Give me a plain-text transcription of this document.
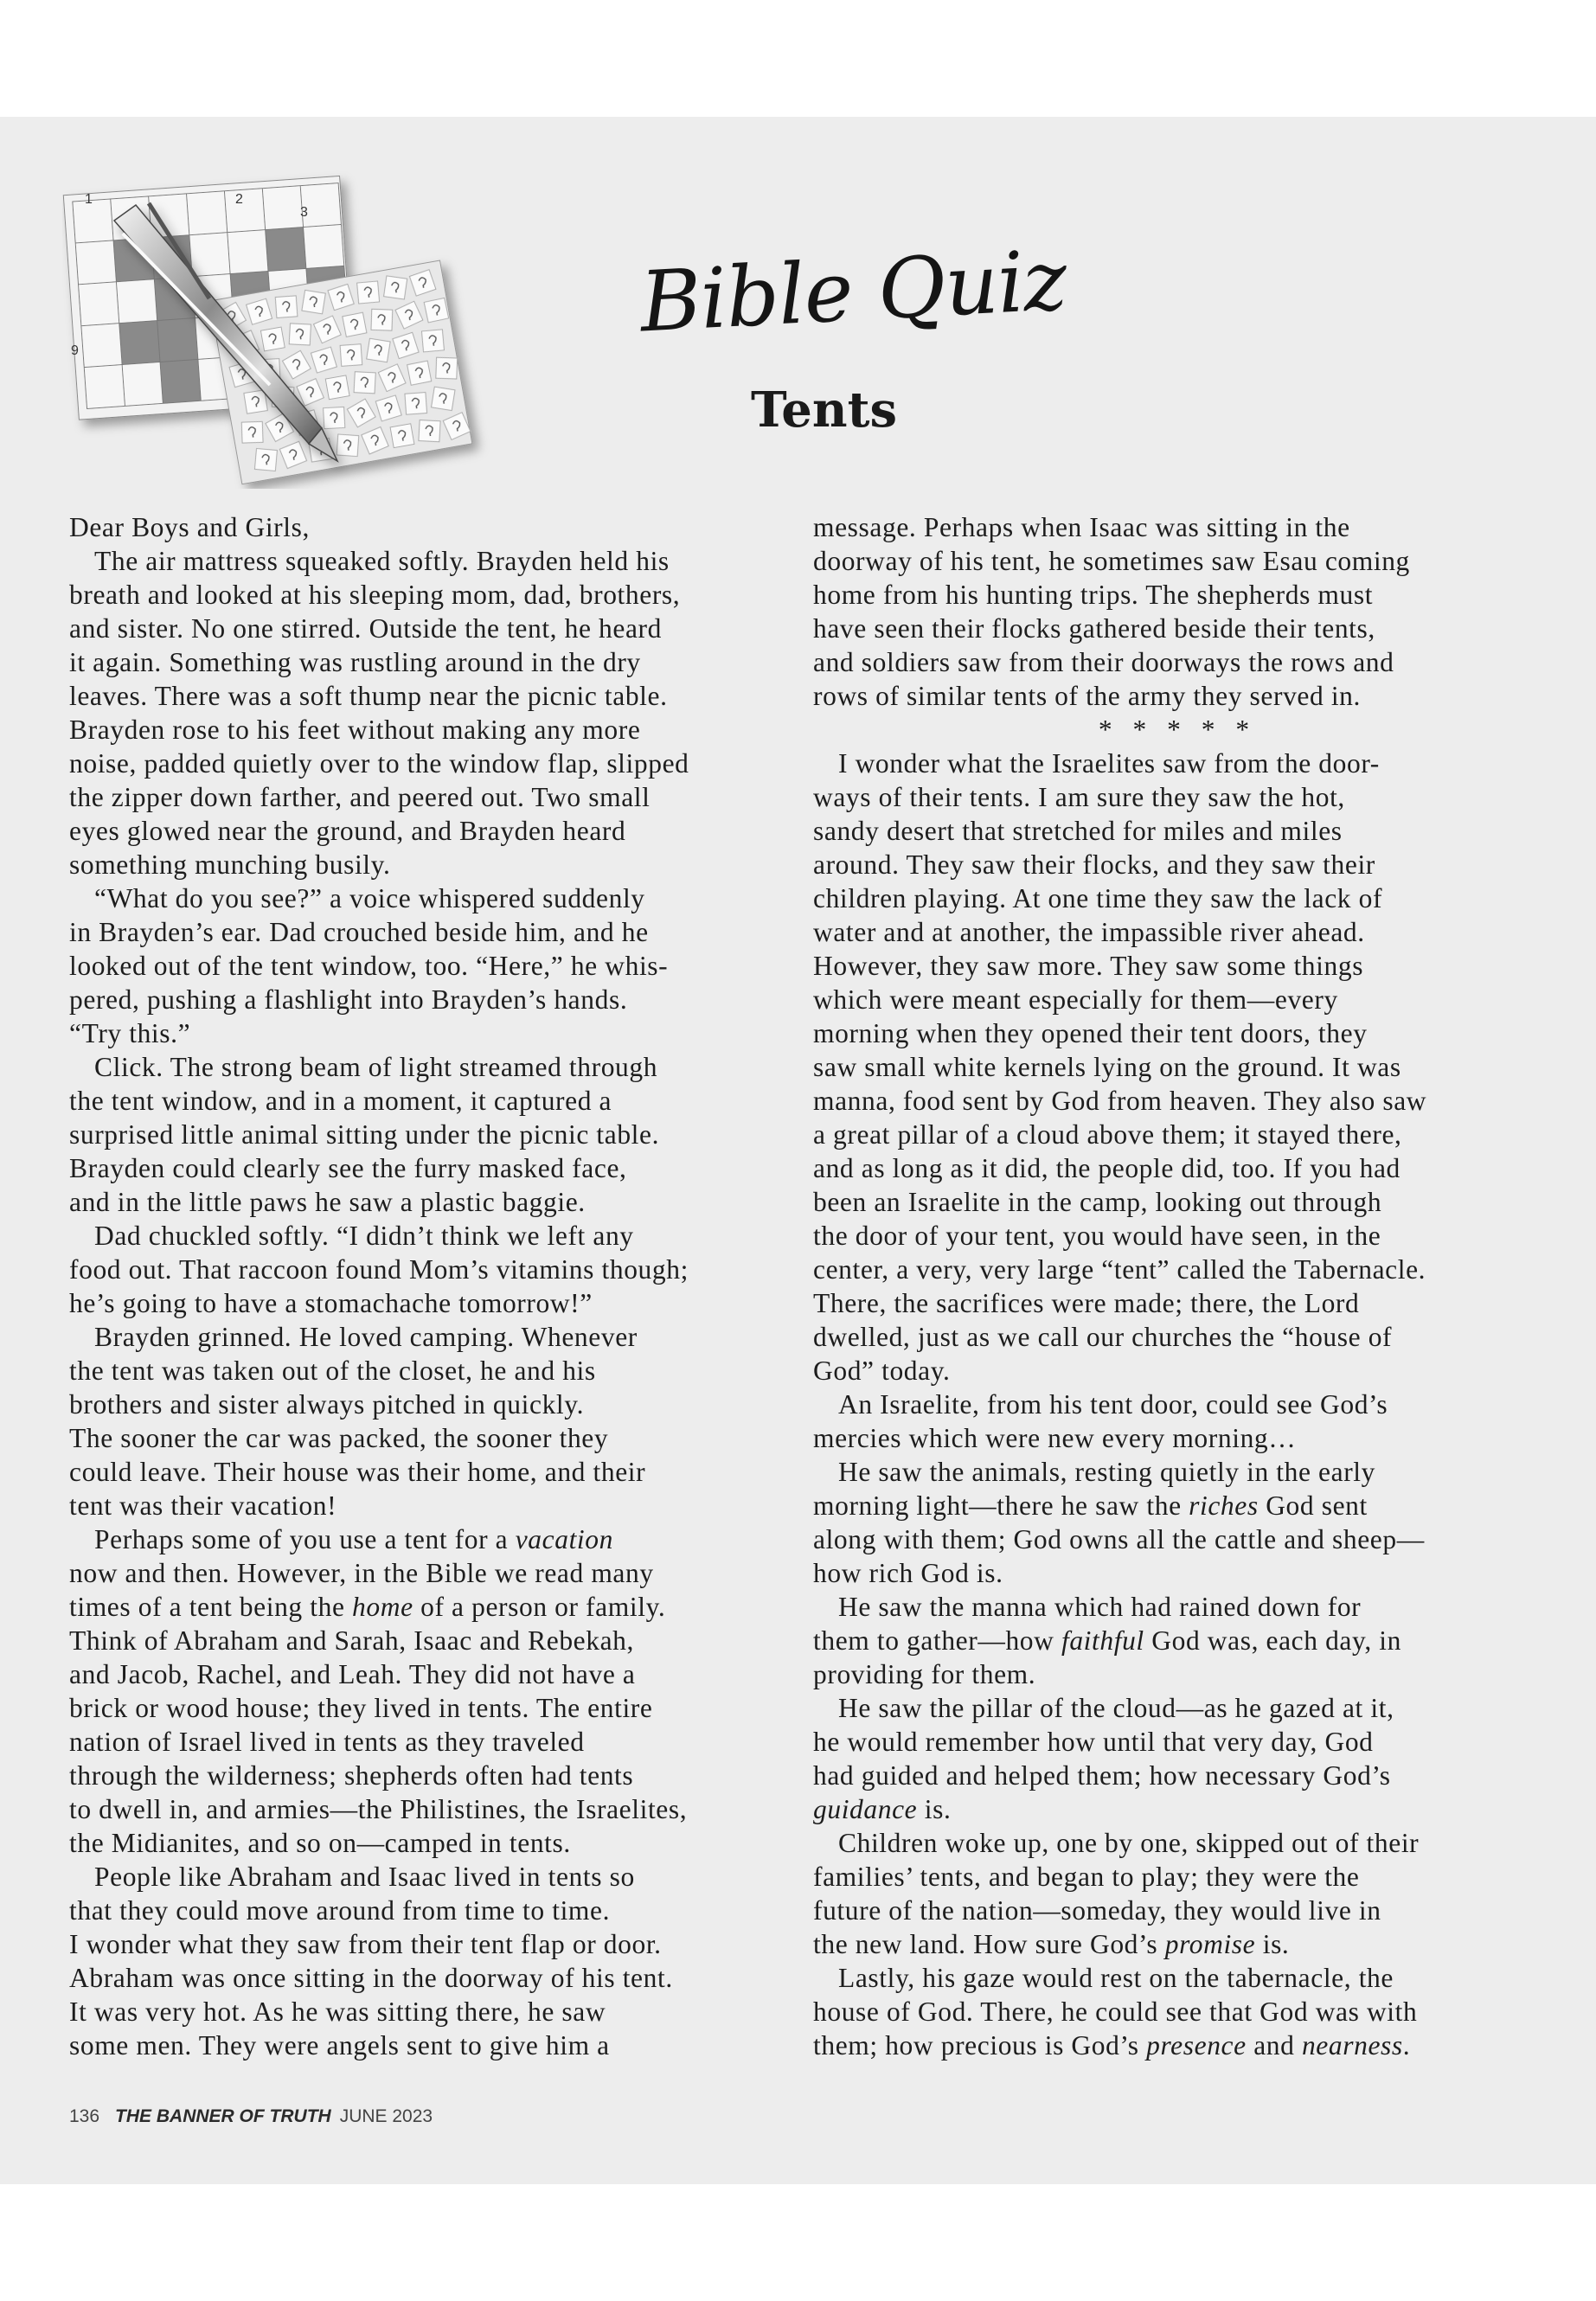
1	2
3
9
Bible Quiz
Tents
Dear Boys and Girls,
The air mattress squeaked softly. Brayden held his
breath and looked at his sleeping mom, dad, brothers,
and sister. No one stirred. Outside the tent, he heard
it again. Something was rustling around in the dry
leaves. There was a soft thump near the picnic table.
Brayden rose to his feet without making any more
noise, padded quietly over to the window flap, slipped
the zipper down farther, and peered out. Two small
eyes glowed near the ground, and Brayden heard
something munching busily.
“What do you see?” a voice whispered suddenly
in Brayden’s ear. Dad crouched beside him, and he
looked out of the tent window, too. “Here,” he whis-
pered, pushing a flashlight into Brayden’s hands.
“Try this.”
Click. The strong beam of light streamed through
the tent window, and in a moment, it captured a
surprised little animal sitting under the picnic table.
Brayden could clearly see the furry masked face,
and in the little paws he saw a plastic baggie.
Dad chuckled softly. “I didn’t think we left any
food out. That raccoon found Mom’s vitamins though;
he’s going to have a stomachache tomorrow!”
Brayden grinned. He loved camping. Whenever
the tent was taken out of the closet, he and his
brothers and sister always pitched in quickly.
The sooner the car was packed, the sooner they
could leave. Their house was their home, and their
tent was their vacation!
Perhaps some of you use a tent for a vacation
now and then. However, in the Bible we read many
times of a tent being the home of a person or family.
Think of Abraham and Sarah, Isaac and Rebekah,
and Jacob, Rachel, and Leah. They did not have a
brick or wood house; they lived in tents. The entire
nation of Israel lived in tents as they traveled
through the wilderness; shepherds often had tents
to dwell in, and armies—the Philistines, the Israelites,
the Midianites, and so on—camped in tents.
People like Abraham and Isaac lived in tents so
that they could move around from time to time.
I wonder what they saw from their tent flap or door.
Abraham was once sitting in the doorway of his tent.
It was very hot. As he was sitting there, he saw
some men. They were angels sent to give him a
message. Perhaps when Isaac was sitting in the
doorway of his tent, he sometimes saw Esau coming
home from his hunting trips. The shepherds must
have seen their flocks gathered beside their tents,
and soldiers saw from their doorways the rows and
rows of similar tents of the army they served in.
* * * * *
I wonder what the Israelites saw from the door-
ways of their tents. I am sure they saw the hot,
sandy desert that stretched for miles and miles
around. They saw their flocks, and they saw their
children playing. At one time they saw the lack of
water and at another, the impassible river ahead.
However, they saw more. They saw some things
which were meant especially for them—every
morning when they opened their tent doors, they
saw small white kernels lying on the ground. It was
manna, food sent by God from heaven. They also saw
a great pillar of a cloud above them; it stayed there,
and as long as it did, the people did, too. If you had
been an Israelite in the camp, looking out through
the door of your tent, you would have seen, in the
center, a very, very large “tent” called the Tabernacle.
There, the sacrifices were made; there, the Lord
dwelled, just as we call our churches the “house of
God” today.
An Israelite, from his tent door, could see God’s
mercies which were new every morning…
He saw the animals, resting quietly in the early
morning light—there he saw the riches God sent
along with them; God owns all the cattle and sheep—
how rich God is.
He saw the manna which had rained down for
them to gather—how faithful God was, each day, in
providing for them.
He saw the pillar of the cloud—as he gazed at it,
he would remember how until that very day, God
had guided and helped them; how necessary God’s
guidance is.
Children woke up, one by one, skipped out of their
families’ tents, and began to play; they were the
future of the nation—someday, they would live in
the new land. How sure God’s promise is.
Lastly, his gaze would rest on the tabernacle, the
house of God. There, he could see that God was with
them; how precious is God’s presence and nearness.
136 THE BANNER OF TRUTH JUNE 2023
